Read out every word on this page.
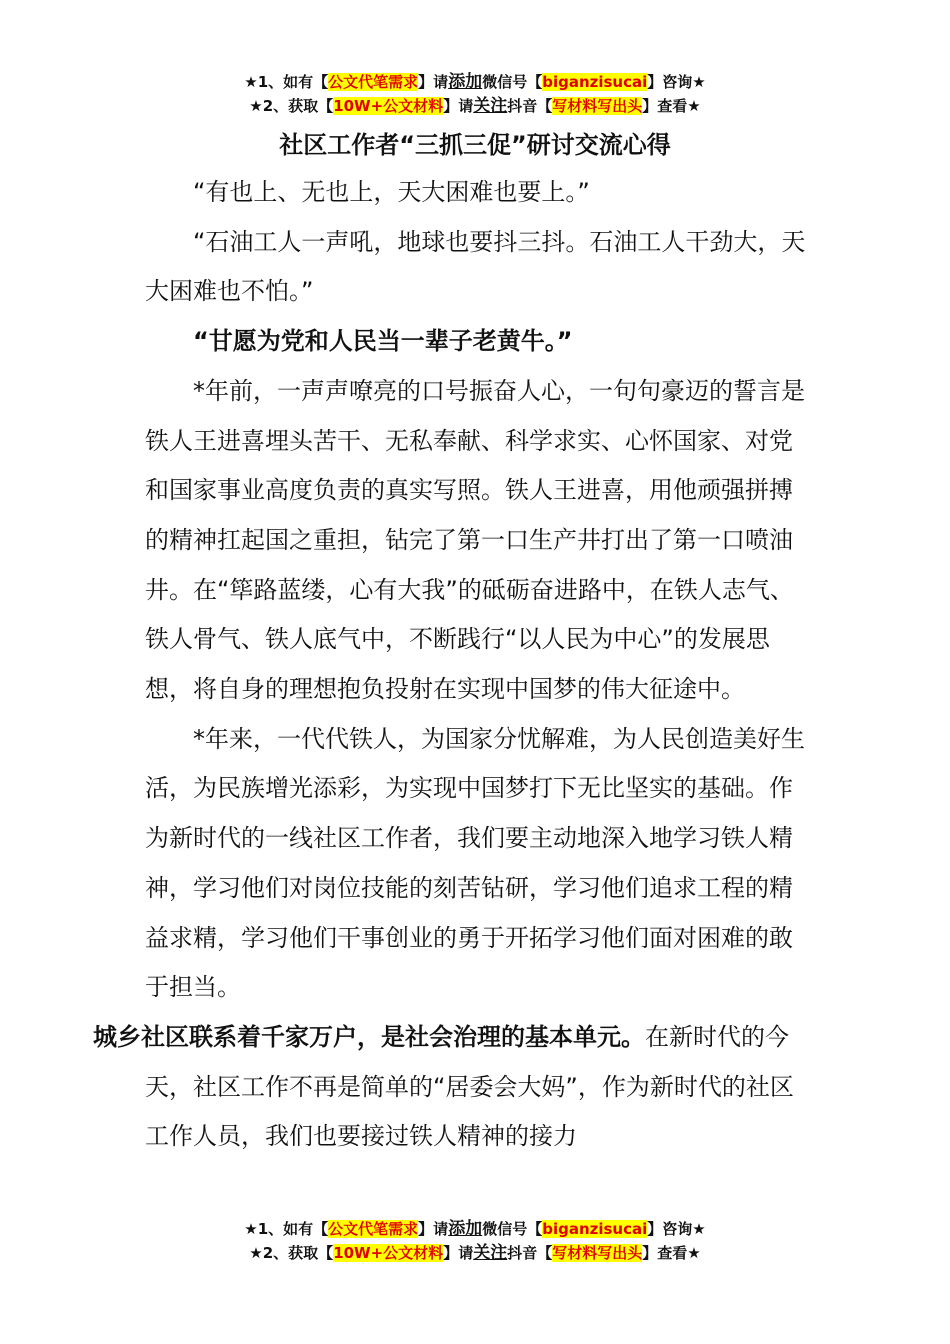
★1、如有【公文代笔需求】请添加微信号【biganzisucai】咨询★
★2、获取【10W+公文材料】请关注抖音【写材料写出头】查看★
社区工作者“三抓三促”研讨交流心得

“有也上、无也上，天大困难也要上。”

“石油工人一声吼，地球也要抖三抖。石油工人干劲大，天大困难也不怕。”

“甘愿为党和人民当一辈子老黄牛。”

*年前，一声声嘹亮的口号振奋人心，一句句豪迈的誓言是铁人王进喜埋头苦干、无私奉献、科学求实、心怀国家、对党和国家事业高度负责的真实写照。铁人王进喜，用他顽强拼搏的精神扛起国之重担，钻完了第一口生产井打出了第一口喷油井。在“筚路蓝缕，心有大我”的砥砺奋进路中，在铁人志气、铁人骨气、铁人底气中，不断践行“以人民为中心”的发展思想，将自身的理想抱负投射在实现中国梦的伟大征途中。

*年来，一代代铁人，为国家分忧解难，为人民创造美好生活，为民族增光添彩，为实现中国梦打下无比坚实的基础。作为新时代的一线社区工作者，我们要主动地深入地学习铁人精神，学习他们对岗位技能的刻苦钻研，学习他们追求工程的精益求精，学习他们干事创业的勇于开拓学习他们面对困难的敢于担当。

城乡社区联系着千家万户，是社会治理的基本单元。在新时代的今天，社区工作不再是简单的“居委会大妈”，作为新时代的社区工作人员，我们也要接过铁人精神的接力

★1、如有【公文代笔需求】请添加微信号【biganzisucai】咨询★
★2、获取【10W+公文材料】请关注抖音【写材料写出头】查看★
